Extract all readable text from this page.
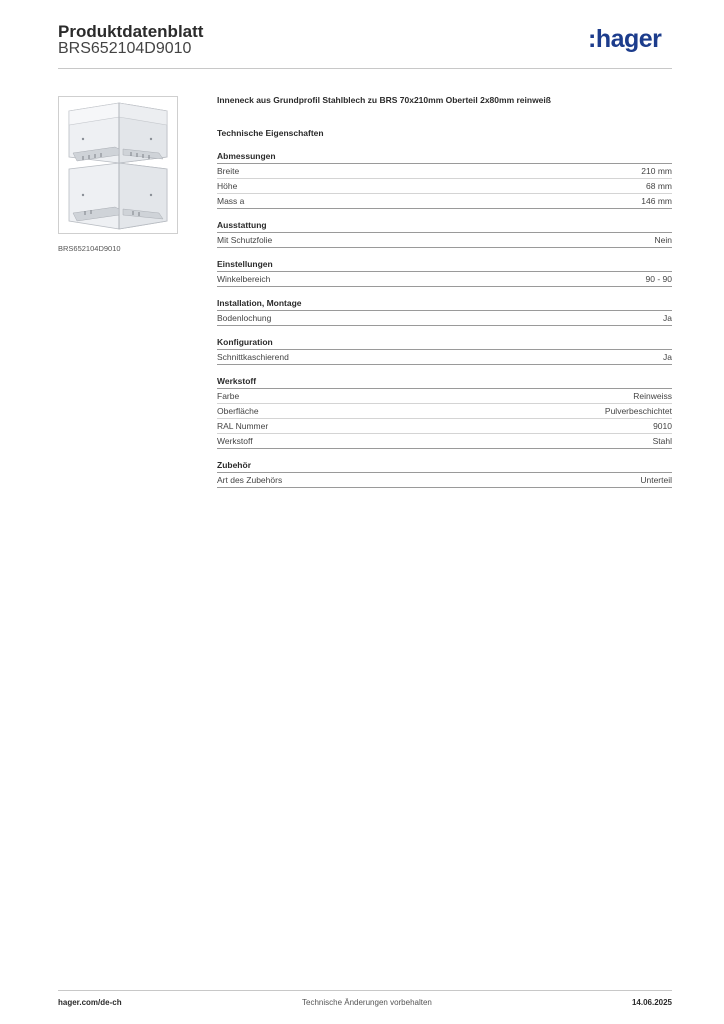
Produktdatenblatt
BRS652104D9010	:hager
BRS652104D9010
Inneneck aus Grundprofil Stahlblech zu BRS 70x210mm Oberteil 2x80mm reinweiß
Technische Eigenschaften
Abmessungen
Breite	210 mm
Höhe	68 mm
Mass a	146 mm
Ausstattung
Mit Schutzfolie	Nein
Einstellungen
Winkelbereich	90 - 90
Installation, Montage
Bodenlochung	Ja
Konfiguration
Schnittkaschierend	Ja
Werkstoff
Farbe	Reinweiss
Oberfläche	Pulverbeschichtet
RAL Nummer	9010
Werkstoff	Stahl
Zubehör
Art des Zubehörs	Unterteil
hager.com/de-ch	Technische Änderungen vorbehalten	14.06.2025
